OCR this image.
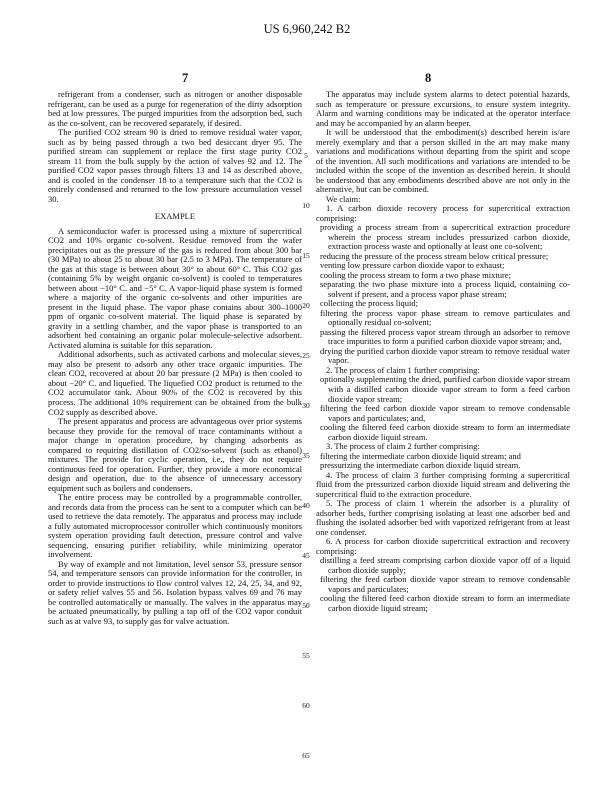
US 6,960,242 B2
7	8

refrigerant from a condenser, such as nitrogen or another disposable refrigerant, can be used as a purge for regeneration of the dirty adsorption bed at low pressures. The purged impurities from the adsorption bed, such as the co-solvent, can be recovered separately, if desired.

The purified CO2 stream 90 is dried to remove residual water vapor, such as by being passed through a two bed desiccant dryer 95. The purified stream can supplement or replace the first stage purity CO2 stream 11 from the bulk supply by the action of valves 92 and 12. The purified CO2 vapor passes through filters 13 and 14 as described above, and is cooled in the condenser 18 to a temperature such that the CO2 is entirely condensed and returned to the low pressure accumulation vessel 30.

EXAMPLE

A semiconductor wafer is processed using a mixture of supercritical CO2 and 10% organic co-solvent. Residue removed from the wafer precipitates out as the pressure of the gas is reduced from about 300 bar (30 MPa) to about 25 to about 30 bar (2.5 to 3 MPa). The temperature of the gas at this stage is between about 30° to about 60° C. This CO2 gas (containing 5% by weight organic co-solvent) is cooled to temperatures between about −10° C. and −5° C. A vapor-liquid phase system is formed where a majority of the organic co-solvents and other impurities are present in the liquid phase. The vapor phase contains about 300–1000 ppm of organic co-solvent material. The liquid phase is separated by gravity in a settling chamber, and the vapor phase is transported to an adsorbent bed containing an organic polar molecule-selective adsorbent. Activated alumina is suitable for this separation.

Additional adsorbents, such as activated carbons and molecular sieves, may also be present to adsorb any other trace organic impurities. The clean CO2, recovered at about 20 bar pressure (2 MPa) is then cooled to about −20° C. and liquefied. The liquefied CO2 product is returned to the CO2 accumulator tank. About 90% of the CO2 is recovered by this process. The additional 10% requirement can be obtained from the bulk CO2 supply as described above.

The present apparatus and process are advantageous over prior systems because they provide for the removal of trace contaminants without a major change in operation procedure, by changing adsorbents as compared to requiring distillation of CO2/so-solvent (such as ethanol) mixtures. The provide for cyclic operation, i.e., they do not require continuous feed for operation. Further, they provide a more economical design and operation, due to the absence of unnecessary accessory equipment such as boilers and condensers.

The entire process may be controlled by a programmable controller, and records data from the process can be sent to a computer which can be used to retrieve the data remotely. The apparatus and process may include a fully automated microprocessor controller which continuously monitors system operation providing fault detection, pressure control and valve sequencing, ensuring purifier reliability, while minimizing operator involvement.

By way of example and not limitation, level sensor 53, pressure sensor 54, and temperature sensors can provide information for the controller, in order to provide instructions to flow control valves 12, 24, 25, 34, and 92, or safety relief valves 55 and 56. Isolation bypass valves 69 and 76 may be controlled automatically or manually. The valves in the apparatus may be actuated pneumatically, by pulling a tap off of the CO2 vapor conduit such as at valve 93, to supply gas for valve actuation.

The apparatus may include system alarms to detect potential hazards, such as temperature or pressure excursions, to ensure system integrity. Alarm and warning conditions may be indicated at the operator interface and may be accompanied by an alarm beeper.

It will be understood that the embodiment(s) described herein is/are merely exemplary and that a person skilled in the art may make many variations and modifications without departing from the spirit and scope of the invention. All such modifications and variations are intended to be included within the scope of the invention as described herein. It should be understood that any embodiments described above are not only in the alternative, but can be combined.

We claim:

1. A carbon dioxide recovery process for supercritical extraction comprising:

providing a process stream from a supercritical extraction procedure wherein the process stream includes pressurized carbon dioxide, extraction process waste and optionally at least one co-solvent;

reducing the pressure of the process stream below critical pressure;

venting low pressure carbon dioxide vapor to exhaust;

cooling the process stream to form a two phase mixture;

separating the two phase mixture into a process liquid, containing co-solvent if present, and a process vapor phase stream;

collecting the process liquid;

filtering the process vapor phase stream to remove particulates and optionally residual co-solvent;

passing the filtered process vapor stream through an adsorber to remove trace impurities to form a purified carbon dioxide vapor stream; and,

drying the purified carbon dioxide vapor stream to remove residual water vapor.

2. The process of claim 1 further comprising:

optionally supplementing the dried, purified carbon dioxide vapor stream with a distilled carbon dioxide vapor stream to form a feed carbon dioxide vapor stream;

filtering the feed carbon dioxide vapor stream to remove condensable vapors and particulates; and,

cooling the filtered feed carbon dioxide stream to form an intermediate carbon dioxide liquid stream.

3. The process of claim 2 further comprising:

filtering the intermediate carbon dioxide liquid stream; and

pressurizing the intermediate carbon dioxide liquid stream.

4. The process of claim 3 further comprising forming a supercritical fluid from the pressurized carbon dioxide liquid stream and delivering the supercritical fluid to the extraction procedure.

5. The process of claim 1 wherein the adsorber is a plurality of adsorber beds, further comprising isolating at least one adsorber bed and flushing the isolated adsorber bed with vaporized refrigerant from at least one condenser.

6. A process for carbon dioxide supercritical extraction and recovery comprising:

distilling a feed stream comprising carbon dioxide vapor off of a liquid carbon dioxide supply;

filtering the feed carbon dioxide vapor stream to remove condensable vapors and particulates;

cooling the filtered feed carbon dioxide stream to form an intermediate carbon dioxide liquid stream;

5
10
15
20
25
30
35
40
45
50
55
60
65
